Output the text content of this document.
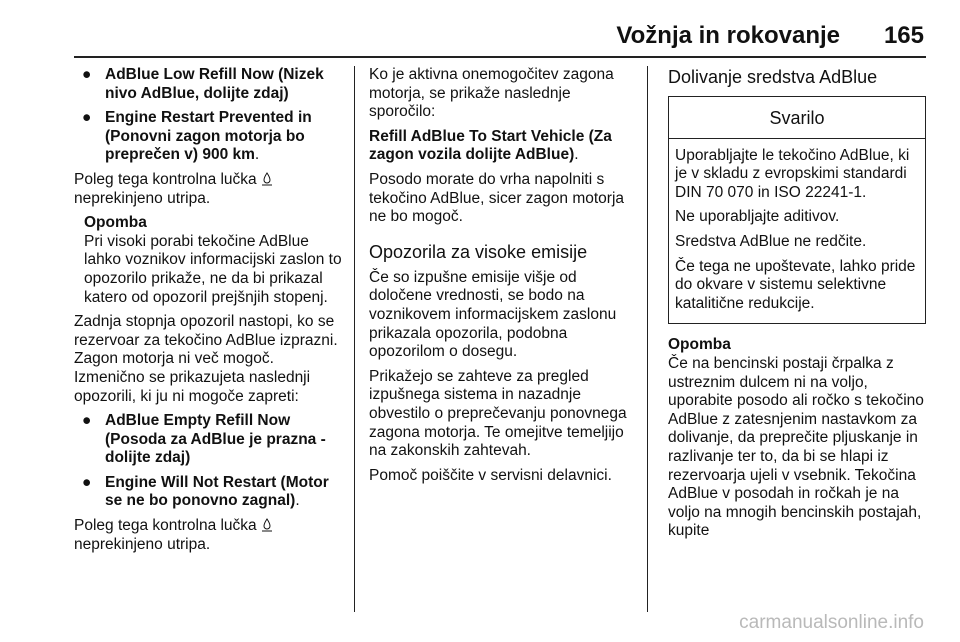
Vožnja in rokovanje 165
● AdBlue Low Refill Now (Nizek nivo AdBlue, dolijte zdaj)
● Engine Restart Prevented in (Ponovni zagon motorja bo preprečen v) 900 km.

Poleg tega kontrolna lučka
neprekinjeno utripa.

Opomba

Pri visoki porabi tekočine AdBlue lahko voznikov informacijski zaslon to opozorilo prikaže, ne da bi prikazal katero od opozoril prejšnjih stopenj.

Zadnja stopnja opozoril nastopi, ko se rezervoar za tekočino AdBlue izprazni. Zagon motorja ni več mogoč. Izmenično se prikazujeta naslednji opozorili, ki ju ni mogoče zapreti:

● AdBlue Empty Refill Now (Posoda za AdBlue je prazna - dolijte zdaj)
● Engine Will Not Restart (Motor se ne bo ponovno zagnal).

Poleg tega kontrolna lučka
neprekinjeno utripa.

Ko je aktivna onemogočitev zagona motorja, se prikaže naslednje sporočilo:

Refill AdBlue To Start Vehicle (Za zagon vozila dolijte AdBlue).

Posodo morate do vrha napolniti s tekočino AdBlue, sicer zagon motorja ne bo mogoč.

Opozorila za visoke emisije

Če so izpušne emisije višje od določene vrednosti, se bodo na voznikovem informacijskem zaslonu prikazala opozorila, podobna opozorilom o dosegu.

Prikažejo se zahteve za pregled izpušnega sistema in nazadnje obvestilo o preprečevanju ponovnega zagona motorja. Te omejitve temeljijo na zakonskih zahtevah.

Pomoč poiščite v servisni delavnici.

Dolivanje sredstva AdBlue
Svarilo

Uporabljajte le tekočino AdBlue, ki je v skladu z evropskimi standardi DIN 70 070 in ISO 22241-1.

Ne uporabljajte aditivov.

Sredstva AdBlue ne redčite.

Če tega ne upoštevate, lahko pride do okvare v sistemu selektivne katalitične redukcije.

Opomba

Če na bencinski postaji črpalka z ustreznim dulcem ni na voljo, uporabite posodo ali ročko s tekočino AdBlue z zatesnjenim nastavkom za dolivanje, da preprečite pljuskanje in razlivanje ter to, da bi se hlapi iz rezervoarja ujeli v vsebnik. Tekočina AdBlue v posodah in ročkah je na voljo na mnogih bencinskih postajah, kupite

carmanualsonline.info
